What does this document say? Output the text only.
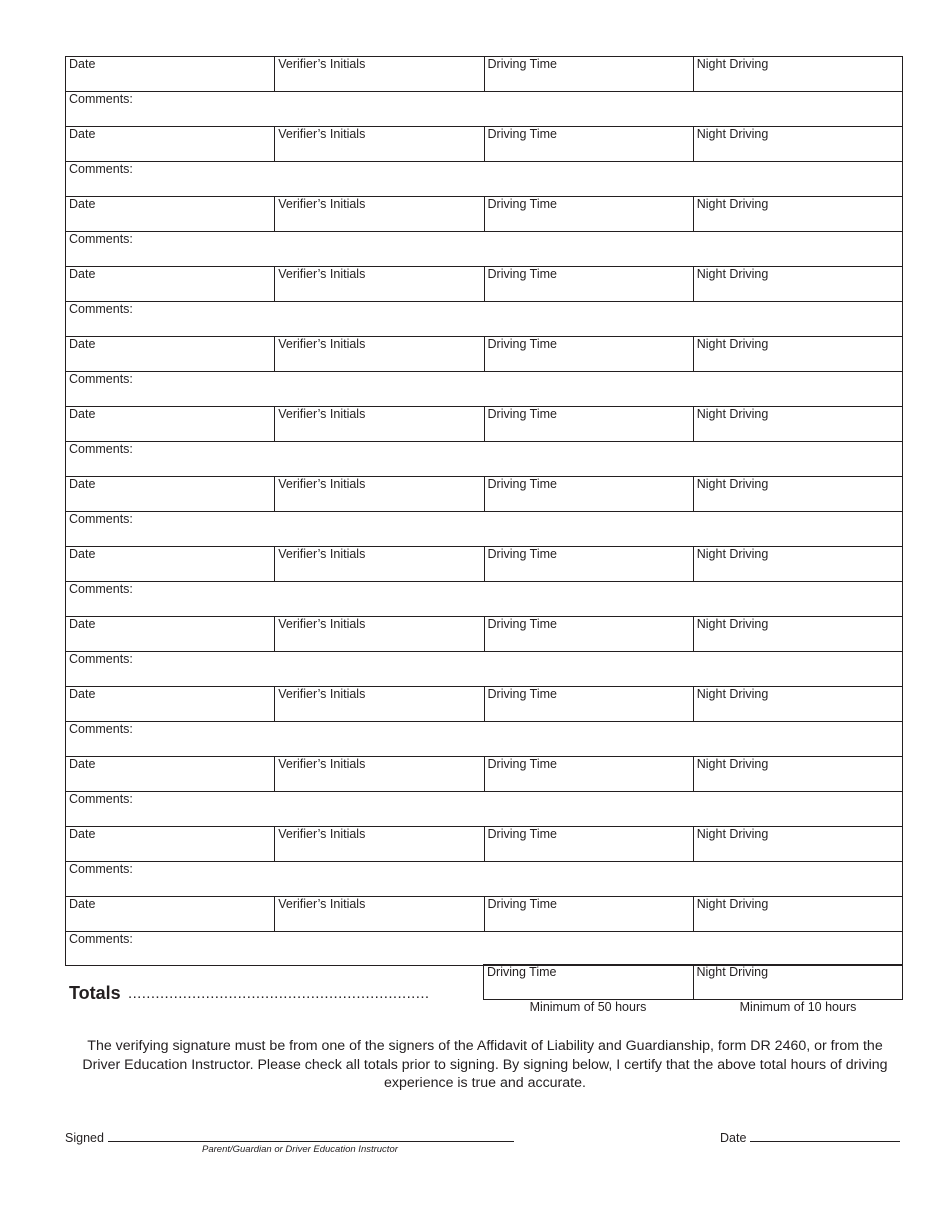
Date	Verifier’s Initials	Driving Time	Night Driving
Comments:
Date	Verifier’s Initials	Driving Time	Night Driving
Comments:
Date	Verifier’s Initials	Driving Time	Night Driving
Comments:
Date	Verifier’s Initials	Driving Time	Night Driving
Comments:
Date	Verifier’s Initials	Driving Time	Night Driving
Comments:
Date	Verifier’s Initials	Driving Time	Night Driving
Comments:
Date	Verifier’s Initials	Driving Time	Night Driving
Comments:
Date	Verifier’s Initials	Driving Time	Night Driving
Comments:
Date	Verifier’s Initials	Driving Time	Night Driving
Comments:
Date	Verifier’s Initials	Driving Time	Night Driving
Comments:
Date	Verifier’s Initials	Driving Time	Night Driving
Comments:
Date	Verifier’s Initials	Driving Time	Night Driving
Comments:
Date	Verifier’s Initials	Driving Time	Night Driving
Comments:
Totals ..................................................................
Driving Time	Night Driving
Minimum of 50 hours	Minimum of 10 hours
The verifying signature must be from one of the signers of the Affidavit of Liability and Guardianship, form DR 2460, or from the Driver Education Instructor. Please check all totals prior to signing. By signing below, I certify that the above total hours of driving experience is true and accurate.
Signed
Parent/Guardian or Driver Education Instructor
Date
